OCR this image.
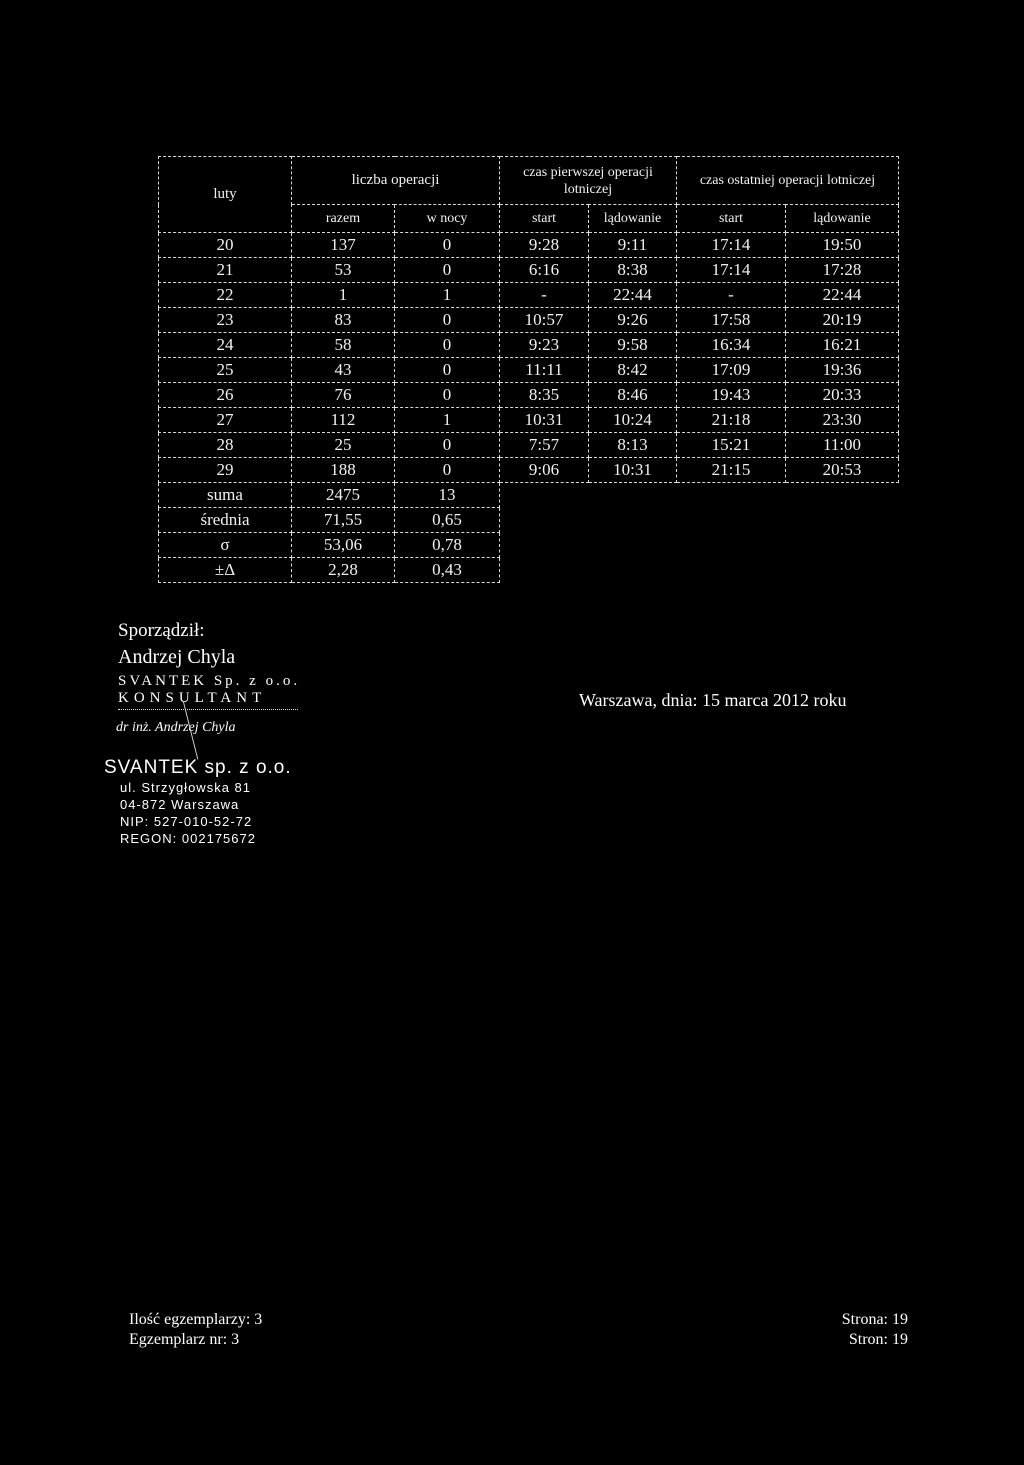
luty	liczba operacji		czas pierwszej operacji lotniczej		czas ostatniej operacji lotniczej	
	razem	w nocy	start	lądowanie	start	lądowanie
20	137	0	9:28	9:11	17:14	19:50
21	53	0	6:16	8:38	17:14	17:28
22	1	1	-	22:44	-	22:44
23	83	0	10:57	9:26	17:58	20:19
24	58	0	9:23	9:58	16:34	16:21
25	43	0	11:11	8:42	17:09	19:36
26	76	0	8:35	8:46	19:43	20:33
27	112	1	10:31	10:24	21:18	23:30
28	25	0	7:57	8:13	15:21	11:00
29	188	0	9:06	10:31	21:15	20:53
suma	2475	13				
średnia	71,55	0,65				
σ	53,06	0,78				
±Δ	2,28	0,43				
Sporządził:
Andrzej Chyla
SVANTEK Sp. z o.o.
KONSULTANT
dr inż. Andrzej Chyla
SVANTEK sp. z o.o.
ul. Strzygłowska 81
04-872 Warszawa
NIP: 527-010-52-72
REGON: 002175672
Warszawa, dnia: 15 marca 2012 roku
Ilość egzemplarzy: 3
Egzemplarz nr: 3
Strona: 19
Stron: 19
